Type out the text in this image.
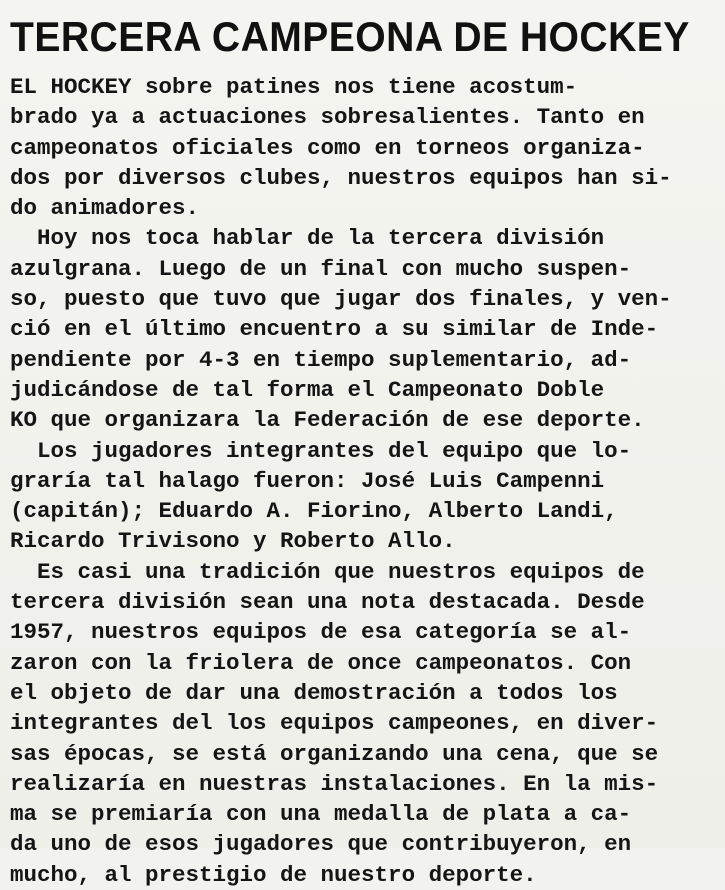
TERCERA CAMPEONA DE HOCKEY
EL HOCKEY sobre patines nos tiene acostum-
brado ya a actuaciones sobresalientes. Tanto en
campeonatos oficiales como en torneos organiza-
dos por diversos clubes, nuestros equipos han si-
do animadores.
Hoy nos toca hablar de la tercera división
azulgrana. Luego de un final con mucho suspen-
so, puesto que tuvo que jugar dos finales, y ven-
ció en el último encuentro a su similar de Inde-
pendiente por 4-3 en tiempo suplementario, ad-
judicándose de tal forma el Campeonato Doble
KO que organizara la Federación de ese deporte.
Los jugadores integrantes del equipo que lo-
graría tal halago fueron: José Luis Campenni
(capitán); Eduardo A. Fiorino, Alberto Landi,
Ricardo Trivisono y Roberto Allo.
Es casi una tradición que nuestros equipos de
tercera división sean una nota destacada. Desde
1957, nuestros equipos de esa categoría se al-
zaron con la friolera de once campeonatos. Con
el objeto de dar una demostración a todos los
integrantes del los equipos campeones, en diver-
sas épocas, se está organizando una cena, que se
realizaría en nuestras instalaciones. En la mis-
ma se premiaría con una medalla de plata a ca-
da uno de esos jugadores que contribuyeron, en
mucho, al prestigio de nuestro deporte.
